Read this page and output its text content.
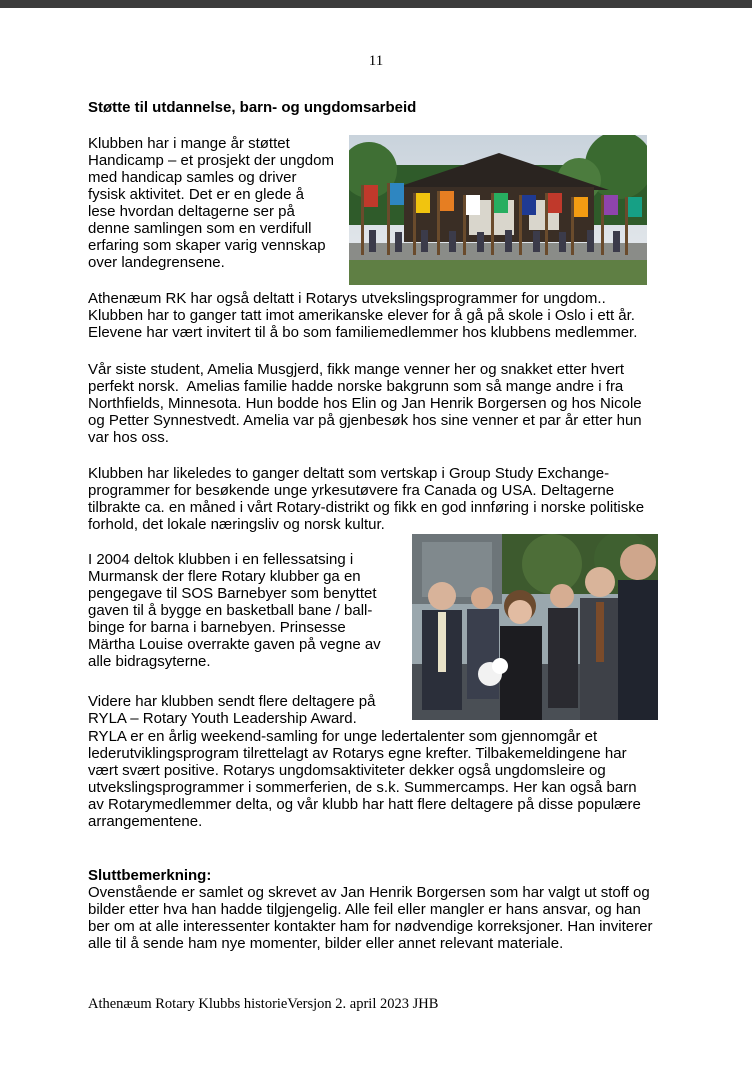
11
Støtte til utdannelse, barn- og ungdomsarbeid
Klubben har i mange år støttet
Handicamp – et prosjekt der ungdom
med handicap samles og driver
fysisk aktivitet. Det er en glede å
lese hvordan deltagerne ser på
denne samlingen som en verdifull
erfaring som skaper varig vennskap
over landegrensene.
Athenæum RK har også deltatt i Rotarys utvekslingsprogrammer for ungdom..
Klubben har to ganger tatt imot amerikanske elever for å gå på skole i Oslo i ett år.
Elevene har vært invitert til å bo som familiemedlemmer hos klubbens medlemmer.
Vår siste student, Amelia Musgjerd, fikk mange venner her og snakket etter hvert
perfekt norsk.  Amelias familie hadde norske bakgrunn som så mange andre i fra
Northfields, Minnesota. Hun bodde hos Elin og Jan Henrik Borgersen og hos Nicole
og Petter Synnestvedt. Amelia var på gjenbesøk hos sine venner et par år etter hun
var hos oss.
Klubben har likeledes to ganger deltatt som vertskap i Group Study Exchange-
programmer for besøkende unge yrkesutøvere fra Canada og USA. Deltagerne
tilbrakte ca. en måned i vårt Rotary-distrikt og fikk en god innføring i norske politiske
forhold, det lokale næringsliv og norsk kultur.
I 2004 deltok klubben i en fellessatsing i
Murmansk der flere Rotary klubber ga en
pengegave til SOS Barnebyer som benyttet
gaven til å bygge en basketball bane / ball-
binge for barna i barnebyen. Prinsesse
Märtha Louise overrakte gaven på vegne av
alle bidragsyterne.
Videre har klubben sendt flere deltagere på
RYLA – Rotary Youth Leadership Award.
RYLA er en årlig weekend-samling for unge ledertalenter som gjennomgår et
lederutviklingsprogram tilrettelagt av Rotarys egne krefter. Tilbakemeldingene har
vært svært positive. Rotarys ungdomsaktiviteter dekker også ungdomsleire og
utvekslingsprogrammer i sommerferien, de s.k. Summercamps. Her kan også barn
av Rotarymedlemmer delta, og vår klubb har hatt flere deltagere på disse populære
arrangementene.
Sluttbemerkning:
Ovenstående er samlet og skrevet av Jan Henrik Borgersen som har valgt ut stoff og
bilder etter hva han hadde tilgjengelig. Alle feil eller mangler er hans ansvar, og han
ber om at alle interessenter kontakter ham for nødvendige korreksjoner. Han inviterer
alle til å sende ham nye momenter, bilder eller annet relevant materiale.
Athenæum Rotary Klubbs historieVersjon 2. april 2023 JHB
